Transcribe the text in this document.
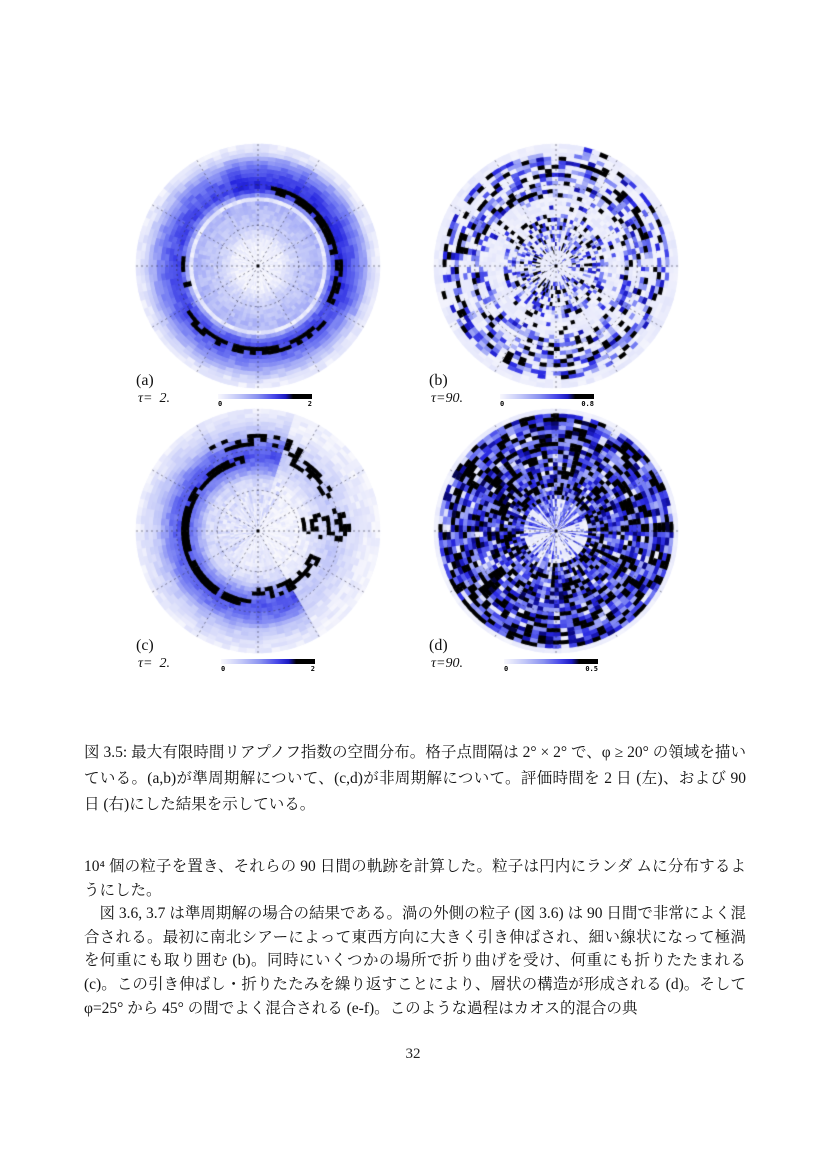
(a)	(b)
(c)	(d)
τ=  2.	τ=90.
τ=  2.	τ=90.
0	2	0	0.8
0	2	0	0.5
図 3.5: 最大有限時間リアプノフ指数の空間分布。格子点間隔は 2° × 2° で、φ ≥ 20° の領域を描いている。(a,b)が準周期解について、(c,d)が非周期解について。評価時間を 2 日 (左)、および 90 日 (右)にした結果を示している。

10⁴ 個の粒子を置き、それらの 90 日間の軌跡を計算した。粒子は円内にランダ ムに分布するようにした。

図 3.6, 3.7 は準周期解の場合の結果である。渦の外側の粒子 (図 3.6) は 90 日間で非常によく混合される。最初に南北シアーによって東西方向に大きく引き伸ばされ、細い線状になって極渦を何重にも取り囲む (b)。同時にいくつかの場所で折り曲げを受け、何重にも折りたたまれる (c)。この引き伸ばし・折りたたみを繰り返すことにより、層状の構造が形成される (d)。そして φ=25° から 45° の間でよく混合される (e-f)。このような過程はカオス的混合の典

32
